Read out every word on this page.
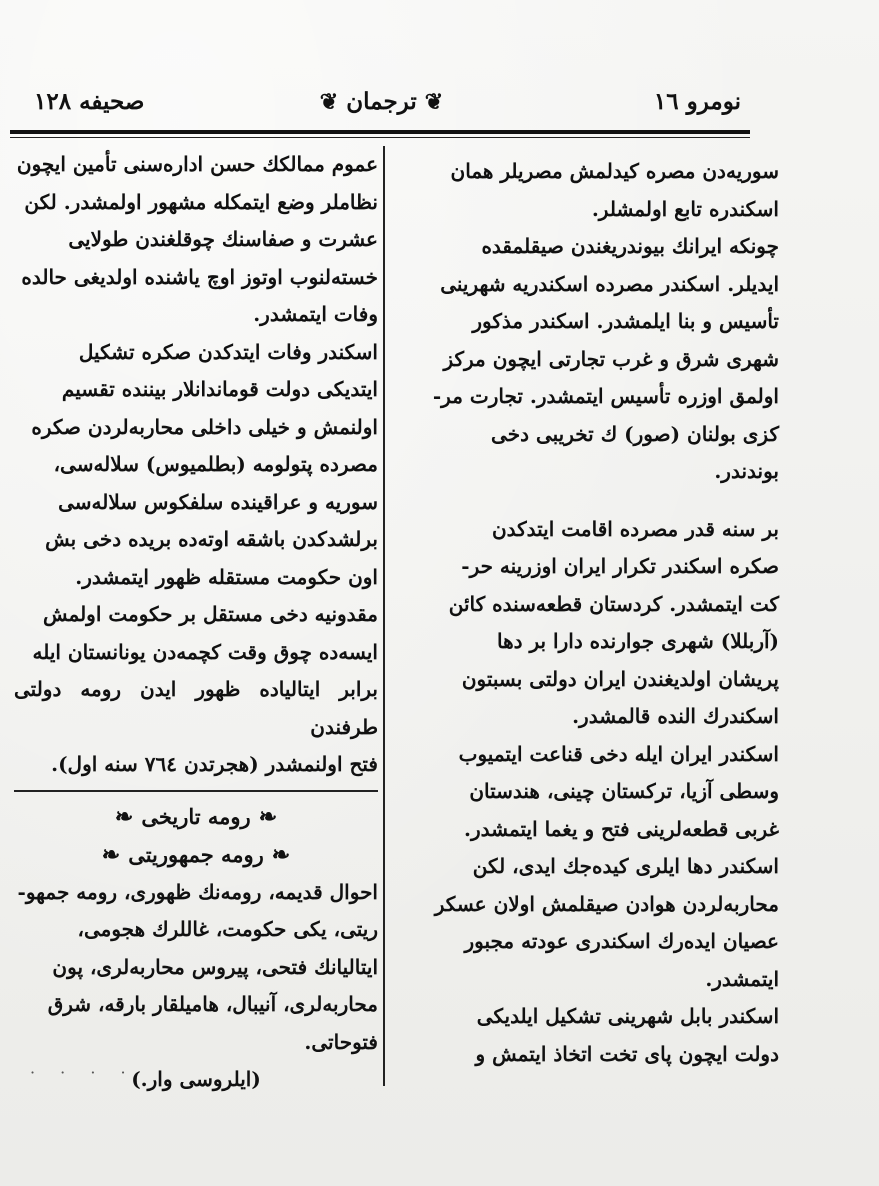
نومرو ١٦
❦
ترجمان
❦
صحيفه ١٢٨

سوریه‌دن مصره کیدلمش مصریلر همان
اسکندره تابع اولمشلر.

چونکه ایرانك بیوندریغندن صیقلمقده
ایدیلر. اسکندر مصرده اسکندریه شهرینی
تأسیس و بنا ایلمشدر. اسکندر مذکور
شهری شرق و غرب تجارتی ایچون مرکز
اولمق اوزره تأسیس ایتمشدر. تجارت مر-
کزی بولنان (صور) ك تخریبی دخی
بوندندر.

بر سنه قدر مصرده اقامت ایتدکدن
صکره اسکندر تکرار ایران اوزرینه حر-
کت ایتمشدر. کردستان قطعه‌سنده کائن
(آربللا) شهری جوارنده دارا بر دها
پریشان اولدیغندن ایران دولتی بسبتون
اسکندرك النده قالمشدر.

اسکندر ایران ایله دخی قناعت ایتمیوب
وسطی آزیا، ترکستان چینی، هندستان
غربی قطعه‌لرینی فتح و یغما ایتمشدر.
اسکندر دها ایلری کیده‌جك ایدی، لکن
محاربه‌لردن هوادن صیقلمش اولان عسکر
عصیان ایده‌رك اسکندری عودته مجبور
ایتمشدر.

اسکندر بابل شهرینی تشکیل ایلدیکی
دولت ایچون پای تخت اتخاذ ایتمش و

عموم ممالکك حسن اداره‌سنی تأمین ایچون
نظاملر وضع ایتمکله مشهور اولمشدر. لکن
عشرت و صفاسنك چوقلغندن طولایی
خسته‌لنوب اوتوز اوچ یاشنده اولدیغی حالده
وفات ایتمشدر.

اسکندر وفات ایتدکدن صکره تشکیل
ایتدیکی دولت قوماندانلار بیننده تقسیم
اولنمش و خیلی داخلی محاربه‌لردن صکره
مصرده پتولومه (بطلمیوس) سلاله‌سی،
سوریه و عراقینده سلفکوس سلاله‌سی
برلشدکدن باشقه اوته‌ده بریده دخی بش
اون حکومت مستقله ظهور ایتمشدر.

مقدونیه دخی مستقل بر حکومت اولمش
ایسه‌ده چوق وقت کچمه‌دن یونانستان ایله
برابر ایتالیاده ظهور ایدن رومه دولتی طرفندن
فتح اولنمشدر (هجرتدن ٧٦٤ سنه اول).

❧
رومه تاریخی
❧
❧
رومه جمهوریتی
❧

احوال قدیمه، رومه‌نك ظهوری، رومه جمهو-
ریتی، یکی حکومت، غاللرك هجومی،
ایتالیانك فتحی، پیروس محاربه‌لری، پون
محاربه‌لری، آنیبال، هامیلقار بارقه، شرق
فتوحاتی.

(ایلروسی وار.)

· · · ·
